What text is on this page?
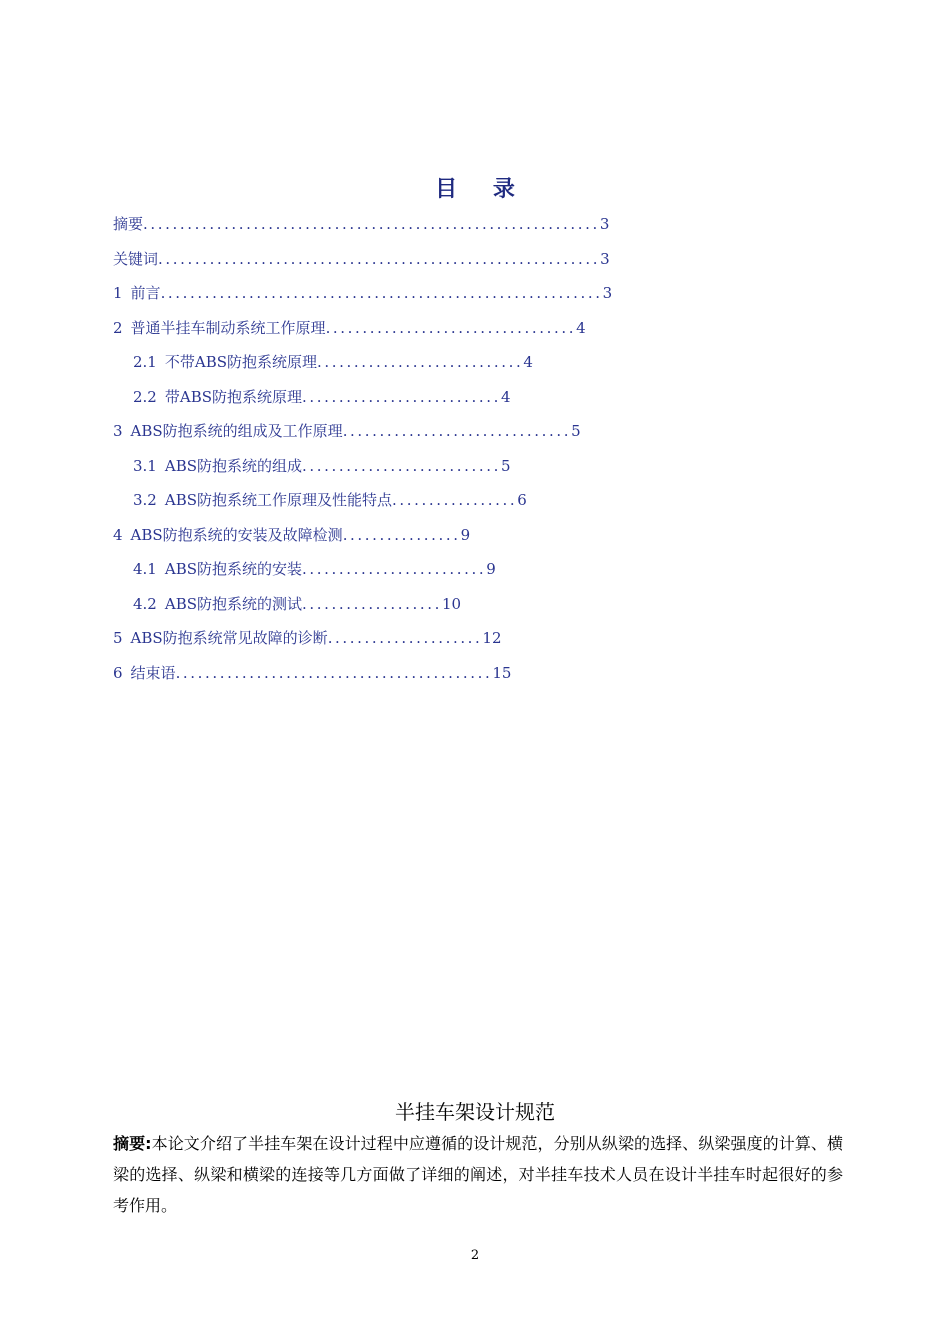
目 录
摘要..............................................................3
关键词............................................................3
1 前言............................................................3
2 普通半挂车制动系统工作原理..................................4
2.1 不带ABS防抱系统原理............................4
2.2 带ABS防抱系统原理...........................4
3 ABS防抱系统的组成及工作原理...............................5
3.1 ABS防抱系统的组成...........................5
3.2 ABS防抱系统工作原理及性能特点.................6
4 ABS防抱系统的安装及故障检测................9
4.1 ABS防抱系统的安装.........................9
4.2 ABS防抱系统的测试...................10
5 ABS防抱系统常见故障的诊断.....................12
6 结束语...........................................15
半挂车架设计规范
摘要:本论文介绍了半挂车架在设计过程中应遵循的设计规范，分别从纵梁的选择、纵梁强度的计算、横梁的选择、纵梁和横梁的连接等几方面做了详细的阐述，对半挂车技术人员在设计半挂车时起很好的参考作用。
2
